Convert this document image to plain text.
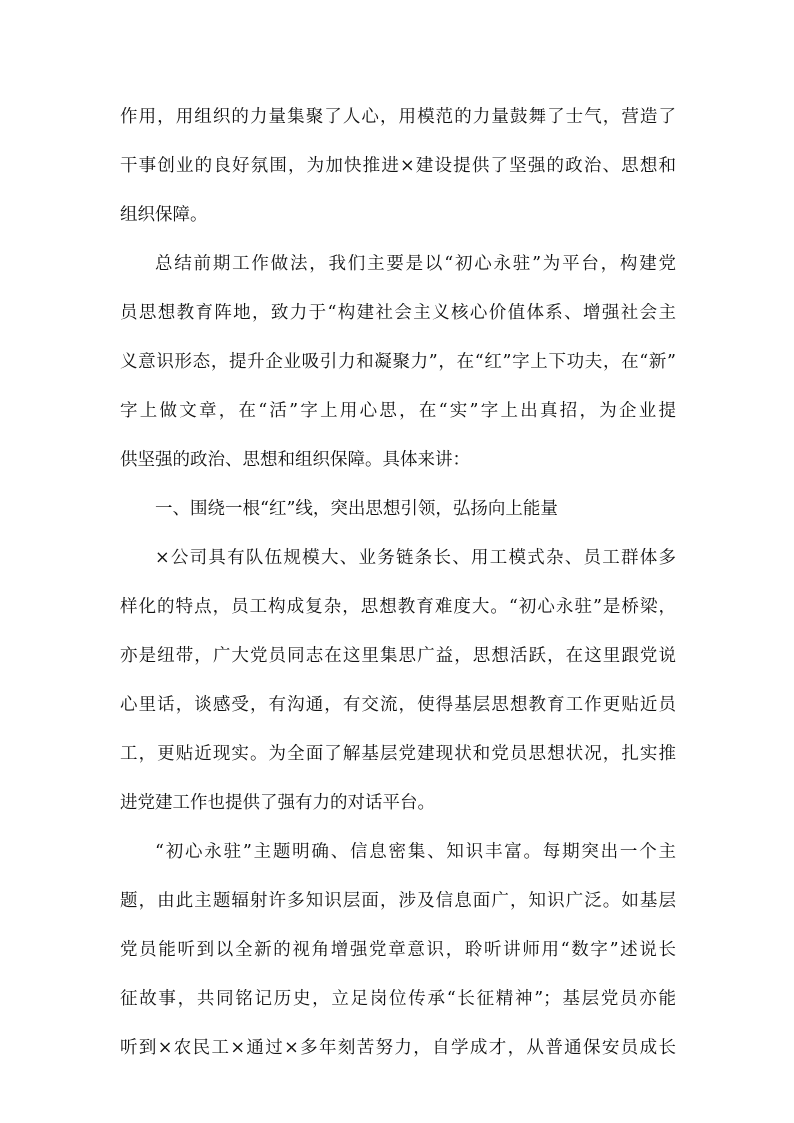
作用，用组织的力量集聚了人心，用模范的力量鼓舞了士气，营造了
干事创业的良好氛围，为加快推进×建设提供了坚强的政治、思想和
组织保障。
总结前期工作做法，我们主要是以“初心永驻”为平台，构建党
员思想教育阵地，致力于“构建社会主义核心价值体系、增强社会主
义意识形态，提升企业吸引力和凝聚力”，在“红”字上下功夫，在“新”
字上做文章，在“活”字上用心思，在“实”字上出真招，为企业提
供坚强的政治、思想和组织保障。具体来讲：
一、围绕一根“红”线，突出思想引领，弘扬向上能量
×公司具有队伍规模大、业务链条长、用工模式杂、员工群体多
样化的特点，员工构成复杂，思想教育难度大。“初心永驻”是桥梁，
亦是纽带，广大党员同志在这里集思广益，思想活跃，在这里跟党说
心里话，谈感受，有沟通，有交流，使得基层思想教育工作更贴近员
工，更贴近现实。为全面了解基层党建现状和党员思想状况，扎实推
进党建工作也提供了强有力的对话平台。
“初心永驻”主题明确、信息密集、知识丰富。每期突出一个主
题，由此主题辐射许多知识层面，涉及信息面广，知识广泛。如基层
党员能听到以全新的视角增强党章意识，聆听讲师用“数字”述说长
征故事，共同铭记历史，立足岗位传承“长征精神”；基层党员亦能
听到×农民工×通过×多年刻苦努力，自学成才，从普通保安员成长
